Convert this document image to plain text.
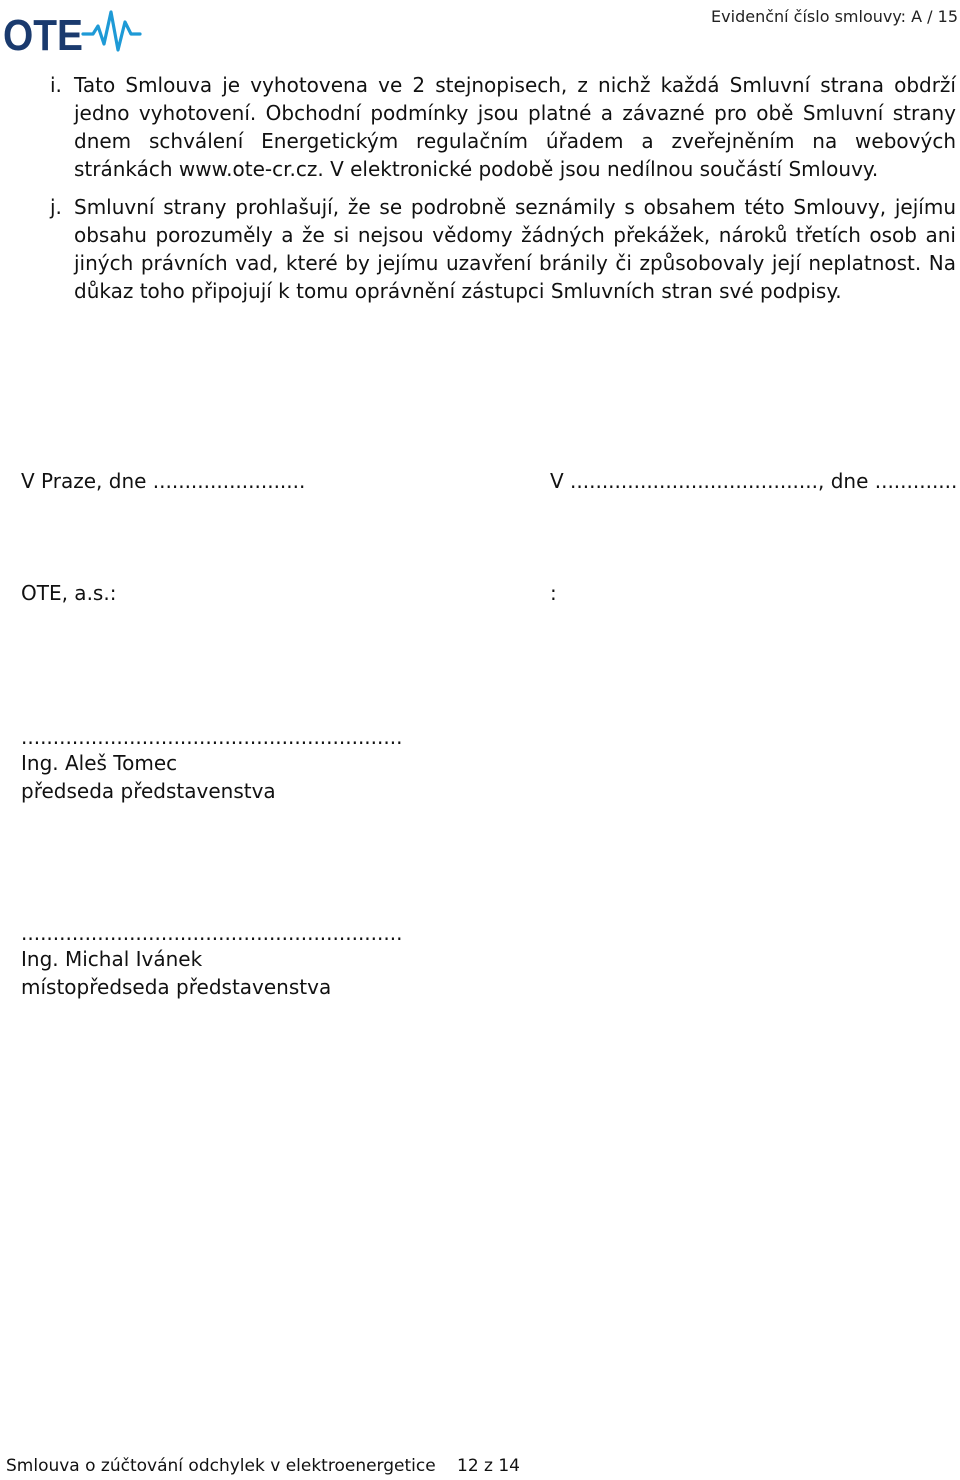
OTE	Evidenční číslo smlouvy: A / 15
i. Tato Smlouva je vyhotovena ve 2 stejnopisech, z nichž každá Smluvní strana obdrží jedno vyhotovení. Obchodní podmínky jsou platné a závazné pro obě Smluvní strany dnem schválení Energetickým regulačním úřadem a zveřejněním na webových stránkách www.ote-cr.cz. V elektronické podobě jsou nedílnou součástí Smlouvy.
j. Smluvní strany prohlašují, že se podrobně seznámily s obsahem této Smlouvy, jejímu obsahu porozuměly a že si nejsou vědomy žádných překážek, nároků třetích osob ani jiných právních vad, které by jejímu uzavření bránily či způsobovaly její neplatnost. Na důkaz toho připojují k tomu oprávnění zástupci Smluvních stran své podpisy.
V Praze, dne ........................	V ......................................., dne .............
OTE, a.s.:	:
............................................................
Ing. Aleš Tomec
předseda představenstva
............................................................
Ing. Michal Ivánek
místopředseda představenstva
Smlouva o zúčtování odchylek v elektroenergetice 12 z 14
